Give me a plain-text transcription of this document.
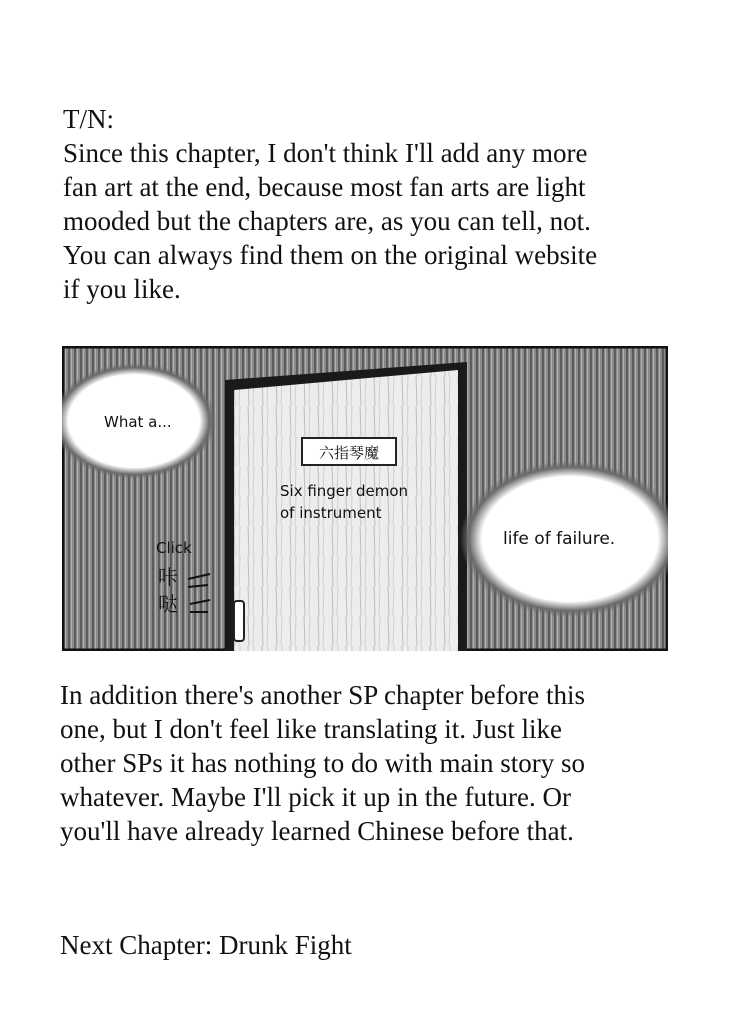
T/N:

Since this chapter, I don't think I'll add any more

fan art at the end, because most fan arts are light

mooded but the chapters are, as you can tell, not.

You can always find them on the original website

if you like.

六指琴魔
Six finger demon
of instrument
What a...
life of failure.
Click
咔
哒

In addition there's another SP chapter before this

one, but I don't feel like translating it. Just like

other SPs it has nothing to do with main story so

whatever. Maybe I'll pick it up in the future. Or

you'll have already learned Chinese before that.

Next Chapter: Drunk Fight
